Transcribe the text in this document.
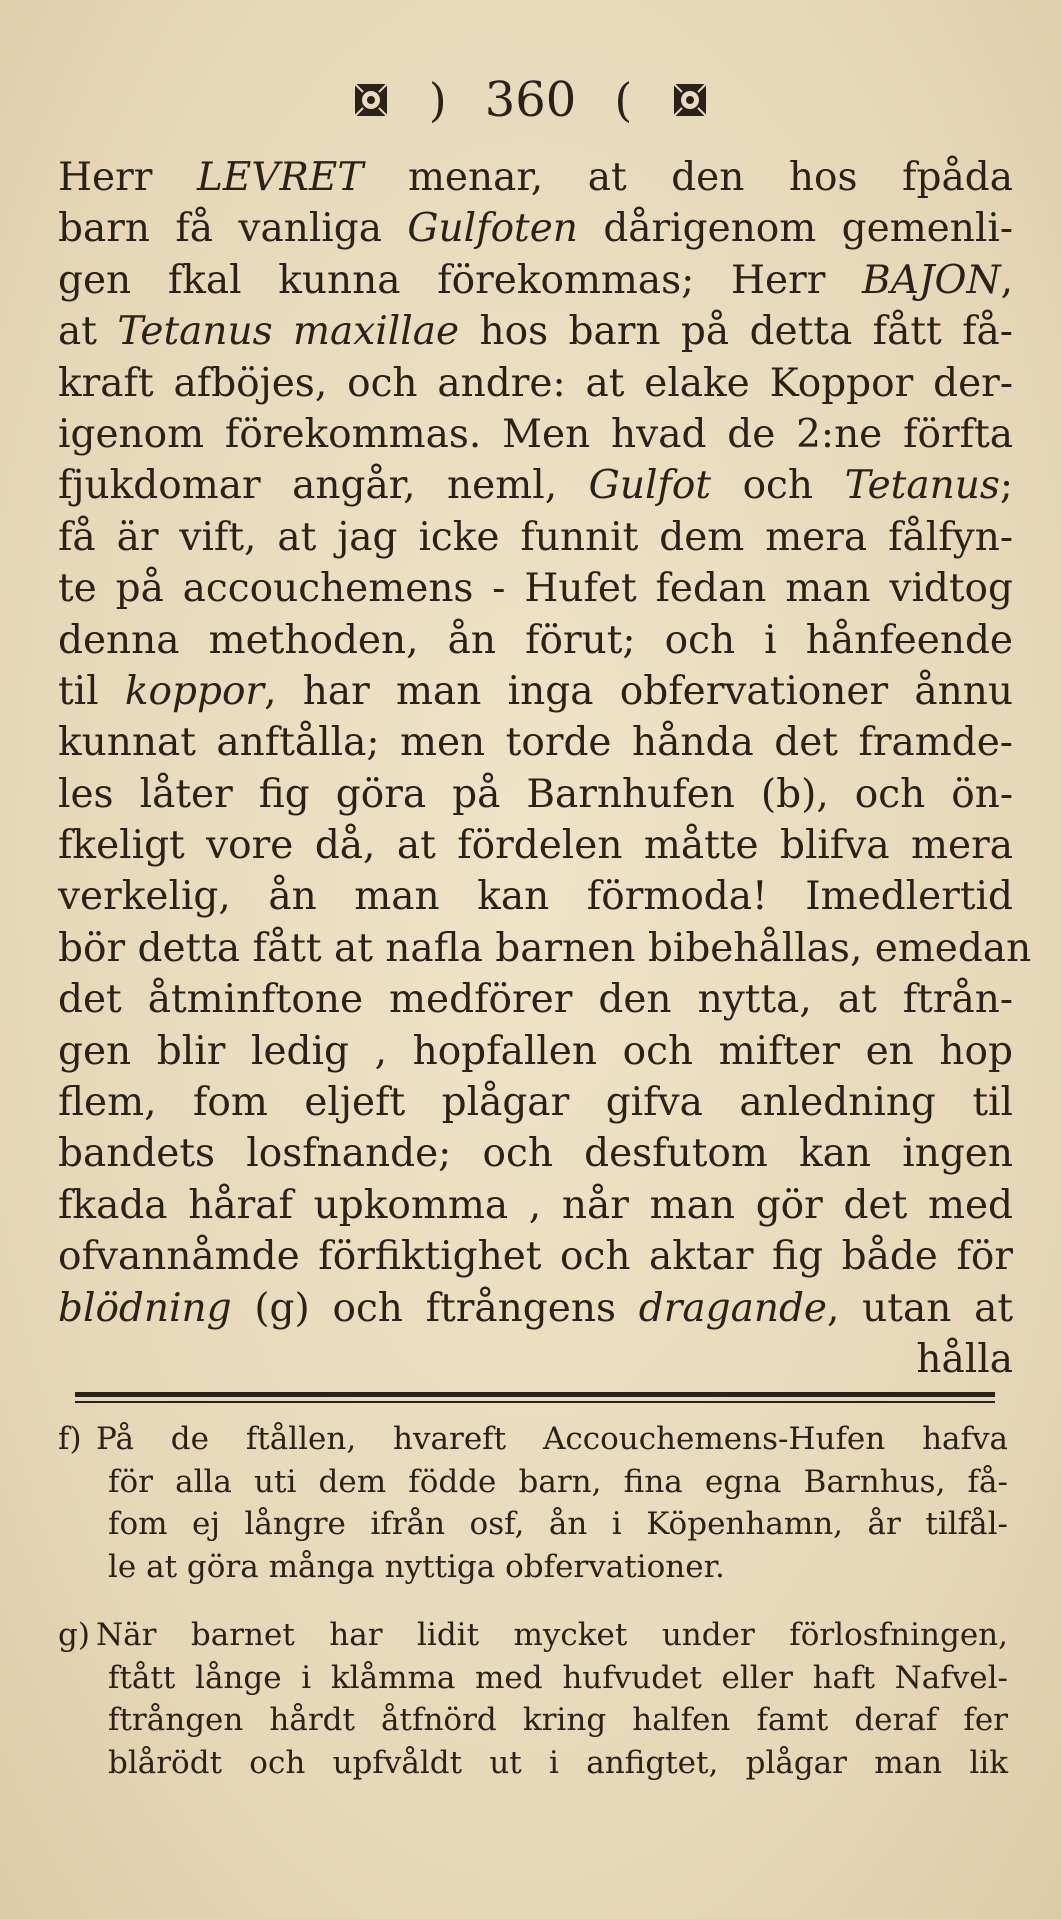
) 360 (
Herr LEVRET menar, at den hos fpåda
barn få vanliga Gulfoten dårigenom gemenli-
gen fkal kunna förekommas; Herr BAJON,
at Tetanus maxillae hos barn på detta fått få-
kraft afböjes, och andre: at elake Koppor der-
igenom förekommas. Men hvad de 2:ne förfta
fjukdomar angår, neml, Gulfot och Tetanus;
få är vift, at jag icke funnit dem mera fålfyn-
te på accouchemens - Hufet fedan man vidtog
denna methoden, ån förut; och i hånfeende
til koppor, har man inga obfervationer ånnu
kunnat anftålla; men torde hånda det framde-
les låter fig göra på Barnhufen (b), och ön-
fkeligt vore då, at fördelen måtte blifva mera
verkelig, ån man kan förmoda! Imedlertid
bör detta fått at nafla barnen bibehållas, emedan
det åtminftone medförer den nytta, at ftrån-
gen blir ledig , hopfallen och mifter en hop
flem, fom eljeft plågar gifva anledning til
bandets losfnande; och desfutom kan ingen
fkada håraf upkomma , når man gör det med
ofvannåmde förfiktighet och aktar fig både för
blödning (g) och ftrångens dragande, utan at
hålla
f) På de ftållen, hvareft Accouchemens-Hufen hafva
för alla uti dem födde barn, fina egna Barnhus, få-
fom ej långre ifrån osf, ån i Köpenhamn, år tilfål-
le at göra många nyttiga obfervationer.
g) När barnet har lidit mycket under förlosfningen,
ftått långe i klåmma med hufvudet eller haft Nafvel-
ftrången hårdt åtfnörd kring halfen famt deraf fer
blårödt och upfvåldt ut i anfigtet, plågar man lik
